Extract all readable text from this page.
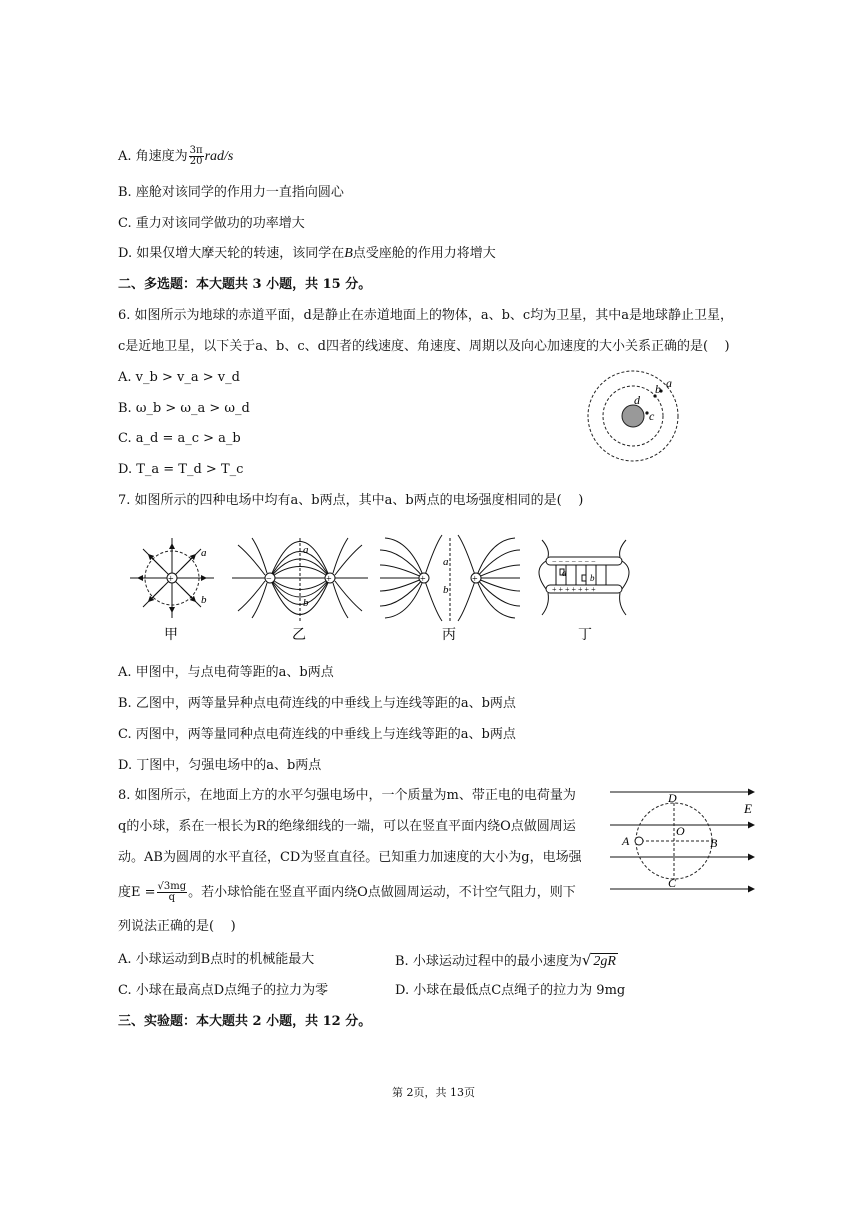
A. 角速度为 $\frac{3\pi}{20} rad/s$
B. 座舱对该同学的作用力一直指向圆心
C. 重力对该同学做功的功率增大
D. 如果仅增大摩天轮的转速，该同学在B点受座舱的作用力将增大
二、多选题：本大题共 3 小题，共 15 分。
6. 如图所示为地球的赤道平面，d是静止在赤道地面上的物体，a、b、c均为卫星，其中a是地球静止卫星，
c是近地卫星，以下关于a、b、c、d四者的线速度、角速度、周期以及向心加速度的大小关系正确的是(    )
A. v_b > v_a > v_d
B. ω_b > ω_a > ω_d
C. a_d = a_c > a_b
D. T_a = T_d > T_c
a
b
c
d
7. 如图所示的四种电场中均有a、b两点，其中a、b两点的电场强度相同的是(    )
+
a
b
甲
−	+
a
b
乙
+	+
a
b
丙
− − − − − − −
+ + + + + + +
a	b
丁
A. 甲图中，与点电荷等距的a、b两点
B. 乙图中，两等量异种点电荷连线的中垂线上与连线等距的a、b两点
C. 丙图中，两等量同种点电荷连线的中垂线上与连线等距的a、b两点
D. 丁图中，匀强电场中的a、b两点
8. 如图所示，在地面上方的水平匀强电场中，一个质量为m、带正电的电荷量为
q的小球，系在一根长为R的绝缘细线的一端，可以在竖直平面内绕O点做圆周运
动。AB为圆周的水平直径，CD为竖直直径。已知重力加速度的大小为g，电场强
度$E = \frac{√3mg}{q}$ 。若小球恰能在竖直平面内绕O点做圆周运动，不计空气阻力，则下
列说法正确的是(    )
D
E
O
A	B
C
A. 小球运动到B点时的机械能最大	B. 小球运动过程中的最小速度为√ 2gR
C. 小球在最高点D点绳子的拉力为零	D. 小球在最低点C点绳子的拉力为 9mg
三、实验题：本大题共 2 小题，共 12 分。
第 2页，共 13页
